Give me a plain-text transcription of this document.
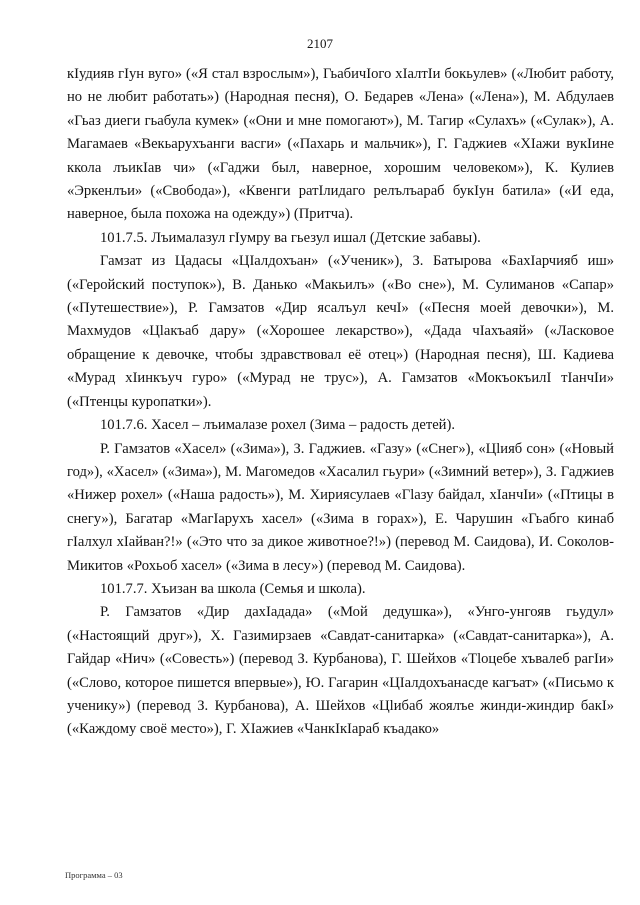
2107

кIудияв гIун вуго» («Я стал взрослым»), ГьабичIого хIалтIи бокьулев» («Любит работу, но не любит работать») (Народная песня), О. Бедарев «Лена» («Лена»), М. Абдулаев «Гьаз диеги гьабула кумек» («Они и мне помогают»), М. Тагир «Сулахъ» («Сулак»), А. Магамаев «Векьарухъанги васги» («Пахарь и мальчик»), Г. Гаджиев «ХIажи вукIине ккола лъикIав чи» («Гаджи был, наверное, хорошим человеком»), К. Кулиев «Эркенлъи» («Свобода»), «Квенги ратIлидаго релълъараб букIун батила» («И еда, наверное, была похожа на одежду») (Притча).

101.7.5. Лъималазул гIумру ва гьезул ишал (Детские забавы).

Гамзат из Цадасы «ЦIалдохъан» («Ученик»), З. Батырова «БахIарчияб иш» («Геройский поступок»), В. Данько «Макьилъ» («Во сне»), М. Сулиманов «Сапар» («Путешествие»), Р. Гамзатов «Дир ясалъул кечI» («Песня моей девочки»), М. Махмудов «Цlакъаб дару» («Хорошее лекарство»), «Дада чIахъаяй» («Ласковое обращение к девочке, чтобы здравствовал её отец») (Народная песня), Ш. Кадиева «Мурад хIинкъуч гуро» («Мурад не трус»), А. Гамзатов «МокъокъилI тIанчIи» («Птенцы куропатки»).

101.7.6. Хасел – лъималазе рохел (Зима – радость детей).

Р. Гамзатов «Хасел» («Зима»), З. Гаджиев. «Газу» («Снег»), «Цlияб сон» («Новый год»), «Хасел» («Зима»), М. Магомедов «Хасалил гьури» («Зимний ветер»), З. Гаджиев «Нижер рохел» («Наша радость»), М. Хириясулаев «Гlазу байдал, хIанчIи» («Птицы в снегу»), Багатар «МагIарухъ хасел» («Зима в горах»), Е. Чарушин «Гьабго кинаб гIалхул хIайван?!» («Это что за дикое животное?!») (перевод М. Саидова), И. Соколов-Микитов «Рохьоб хасел» («Зима в лесу») (перевод М. Саидова).

101.7.7. Хъизан ва школа (Семья и школа).

Р. Гамзатов «Дир дахIадада» («Мой дедушка»), «Унго-унгояв гьудул» («Настоящий друг»), Х. Газимирзаев «Савдат-санитарка» («Савдат-санитарка»), А. Гайдар «Нич» («Совесть») (перевод З. Курбанова), Г. Шейхов «Тlоцебе хъвалеб рагIи» («Слово, которое пишется впервые»), Ю. Гагарин «ЦIалдохъанасде кагъат» («Письмо к ученику») (перевод З. Курбанова), А. Шейхов «Цlибаб жоялъе жинди-жиндир бакI» («Каждому своё место»), Г. ХIажиев «ЧанкIкIараб къадако»

Программа – 03
